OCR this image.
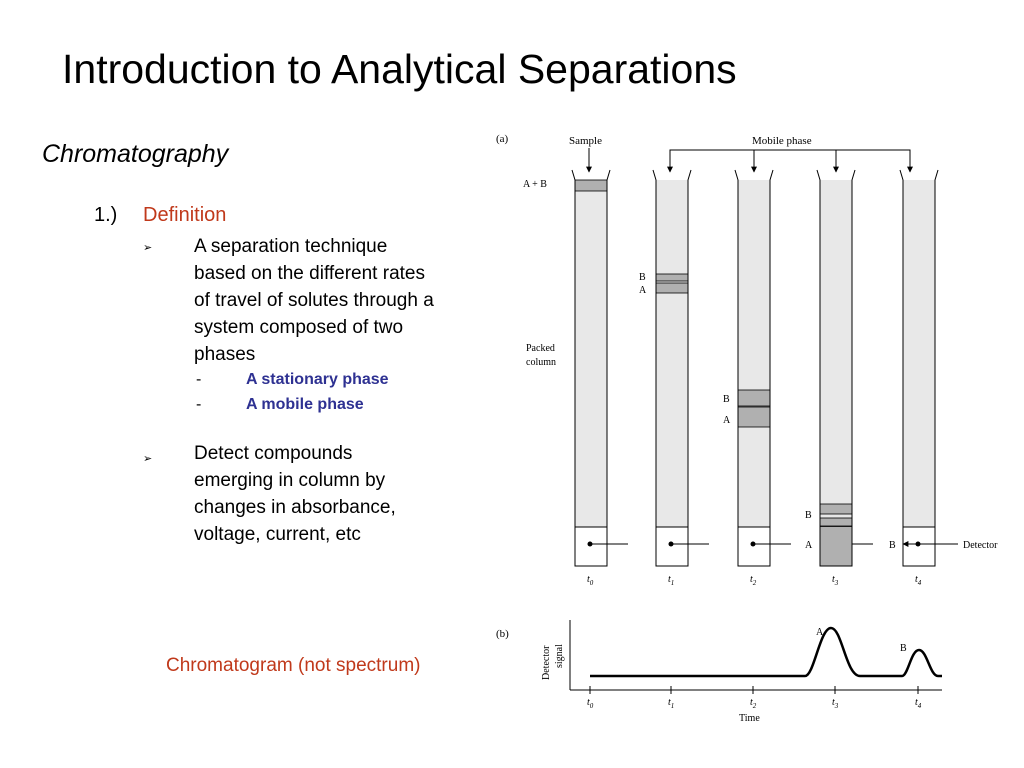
Introduction to Analytical Separations
Chromatography
1.) Definition
➢ A separation technique
based on the different rates
of travel of solutes through a
system composed of two
phases
-	A stationary phase
-	A mobile phase
➢ Detect compounds
emerging in column by
changes in absorbance,
voltage, current, etc
Chromatogram (not spectrum)
(a)	Sample	Mobile phase
A + B
Packed
column
B
A
B
A
B
A	B	Detector
$t_0$	$t_1$	$t_2$	$t_3$	$t_4$
(b)
Detector signal
A
B
$t_0$	$t_1$	$t_2$	$t_3$	$t_4$
Time
